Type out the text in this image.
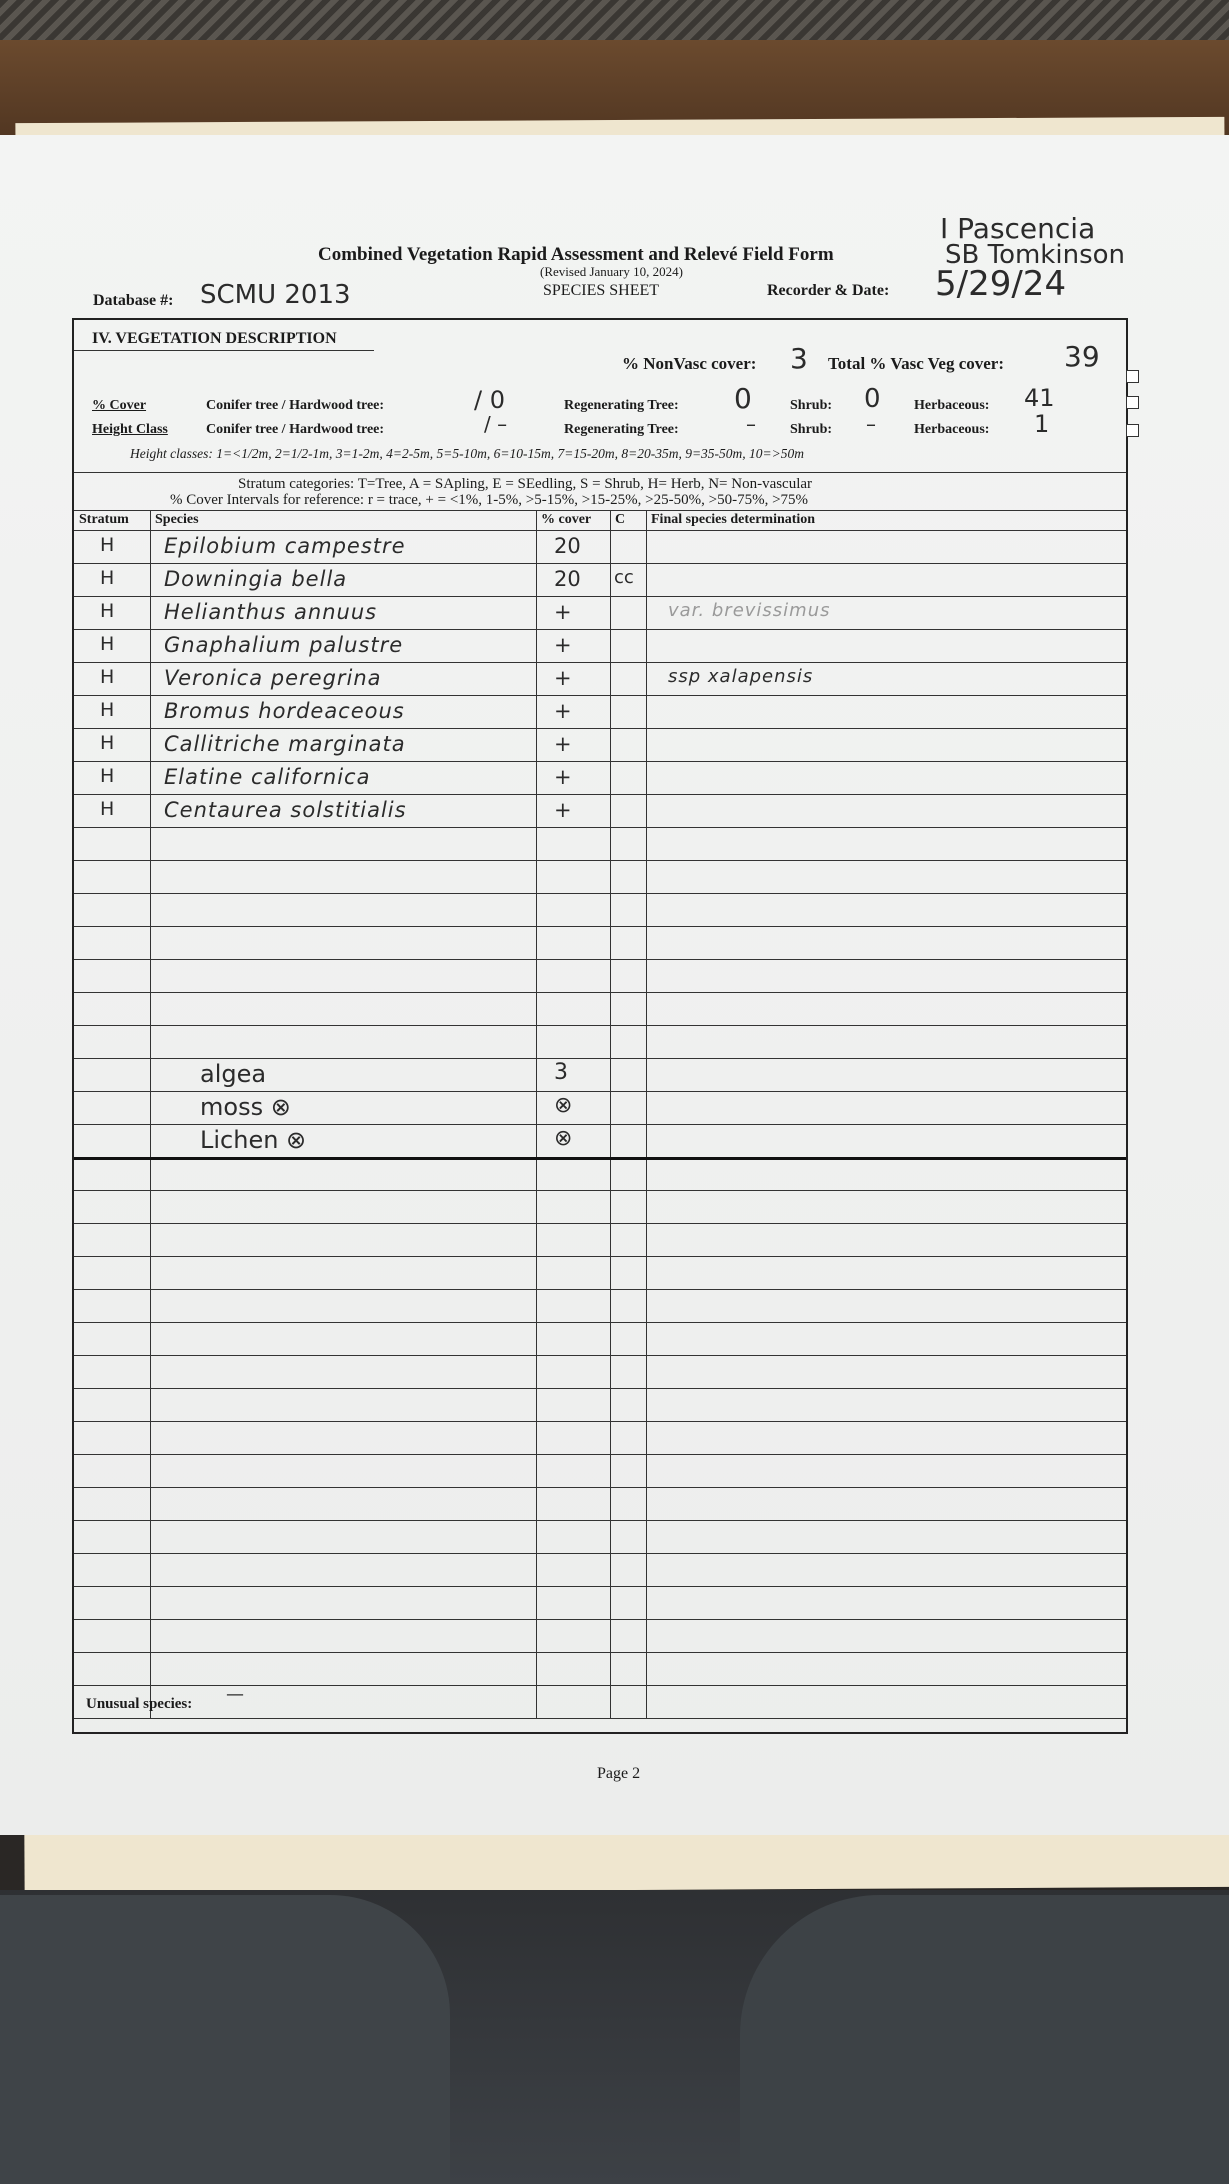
Combined Vegetation Rapid Assessment and Relevé Field Form
(Revised January 10, 2024)
SPECIES SHEET
Database #: SCMU 2013	Recorder & Date:
I Pascencia
SB Tomkinson
5/29/24
IV. VEGETATION DESCRIPTION
% NonVasc cover: 3 Total % Vasc Veg cover: 39
% Cover	Conifer tree / Hardwood tree:	/ 0	Regenerating Tree: 0	Shrub: 0 Herbaceous: 41
Height Class	Conifer tree / Hardwood tree:	/ –	Regenerating Tree:	– Shrub: –	Herbaceous: 1
Height classes: 1=<1/2m, 2=1/2-1m, 3=1-2m, 4=2-5m, 5=5-10m, 6=10-15m, 7=15-20m, 8=20-35m, 9=35-50m, 10=>50m
Stratum categories: T=Tree, A = SApling, E = SEedling, S = Shrub, H= Herb, N= Non-vascular
% Cover Intervals for reference: r = trace, + = <1%, 1-5%, >5-15%, >15-25%, >25-50%, >50-75%, >75%
Stratum Species	% cover C Final species determination
H Epilobium campestre	20
H Downingia bella	20 cc
H Helianthus annuus	+	var. brevissimus
H Gnaphalium palustre	+
H Veronica peregrina	+	ssp xalapensis
H Bromus hordeaceous	+
H Callitriche marginata	+
H Elatine californica	+
H Centaurea solstitialis	+
algea	3
moss ⊗	⊗
Lichen ⊗	⊗
Unusual species: —
Page 2
